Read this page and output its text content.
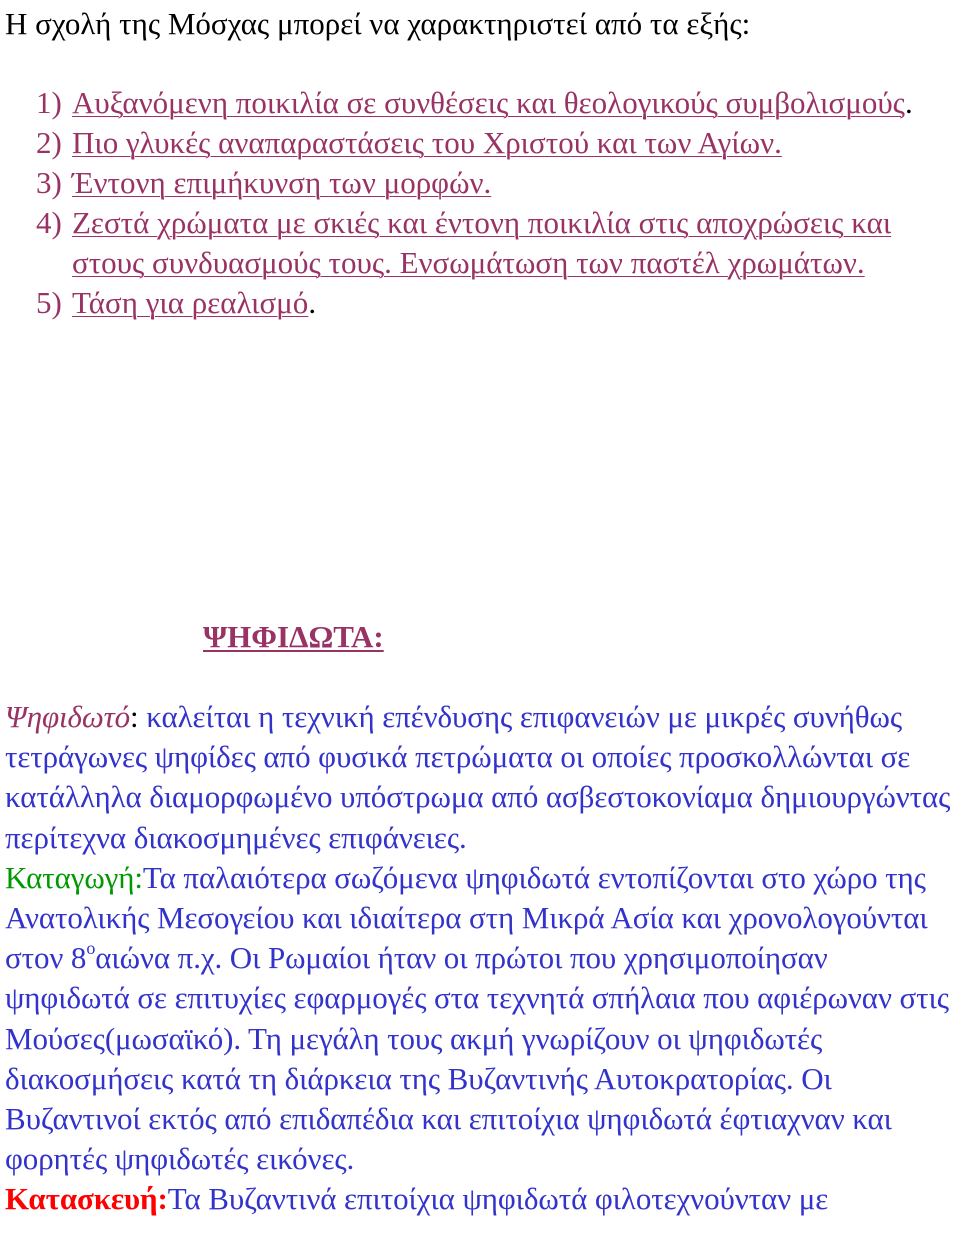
Η σχολή της Μόσχας μπορεί να χαρακτηριστεί από τα εξής:
1) Αυξανόμενη ποικιλία σε συνθέσεις και θεολογικούς συμβολισμούς.
2) Πιο γλυκές αναπαραστάσεις του Χριστού και των Αγίων.
3) Έντονη επιμήκυνση των μορφών.
4) Ζεστά χρώματα με σκιές και έντονη ποικιλία στις αποχρώσεις και στους συνδυασμούς τους. Ενσωμάτωση των παστέλ χρωμάτων.
5) Τάση για ρεαλισμό.
ΨΗΦΙΔΩΤΑ:

Ψηφιδωτό: καλείται η τεχνική επένδυσης επιφανειών με μικρές συνήθως τετράγωνες ψηφίδες από φυσικά πετρώματα οι οποίες προσκολλώνται σε κατάλληλα διαμορφωμένο υπόστρωμα από ασβεστοκονίαμα δημιουργώντας περίτεχνα διακοσμημένες επιφάνειες.
Καταγωγή:Τα παλαιότερα σωζόμενα ψηφιδωτά εντοπίζονται στο χώρο της Ανατολικής Μεσογείου και ιδιαίτερα στη Μικρά Ασία και χρονολογούνται στον $8^o\alpha\iota ώ\nu\alpha$ π.χ. Οι Ρωμαίοι ήταν οι πρώτοι που χρησιμοποίησαν ψηφιδωτά σε επιτυχίες εφαρμογές στα τεχνητά σπήλαια που αφιέρωναν στις Μούσες(μωσαϊκό). Τη μεγάλη τους ακμή γνωρίζουν οι ψηφιδωτές διακοσμήσεις κατά τη διάρκεια της Βυζαντινής Αυτοκρατορίας. Οι Βυζαντινοί εκτός από επιδαπέδια και επιτοίχια ψηφιδωτά έφτιαχναν και φορητές ψηφιδωτές εικόνες.
Κατασκευή:Τα Βυζαντινά επιτοίχια ψηφιδωτά φιλοτεχνούνταν με
